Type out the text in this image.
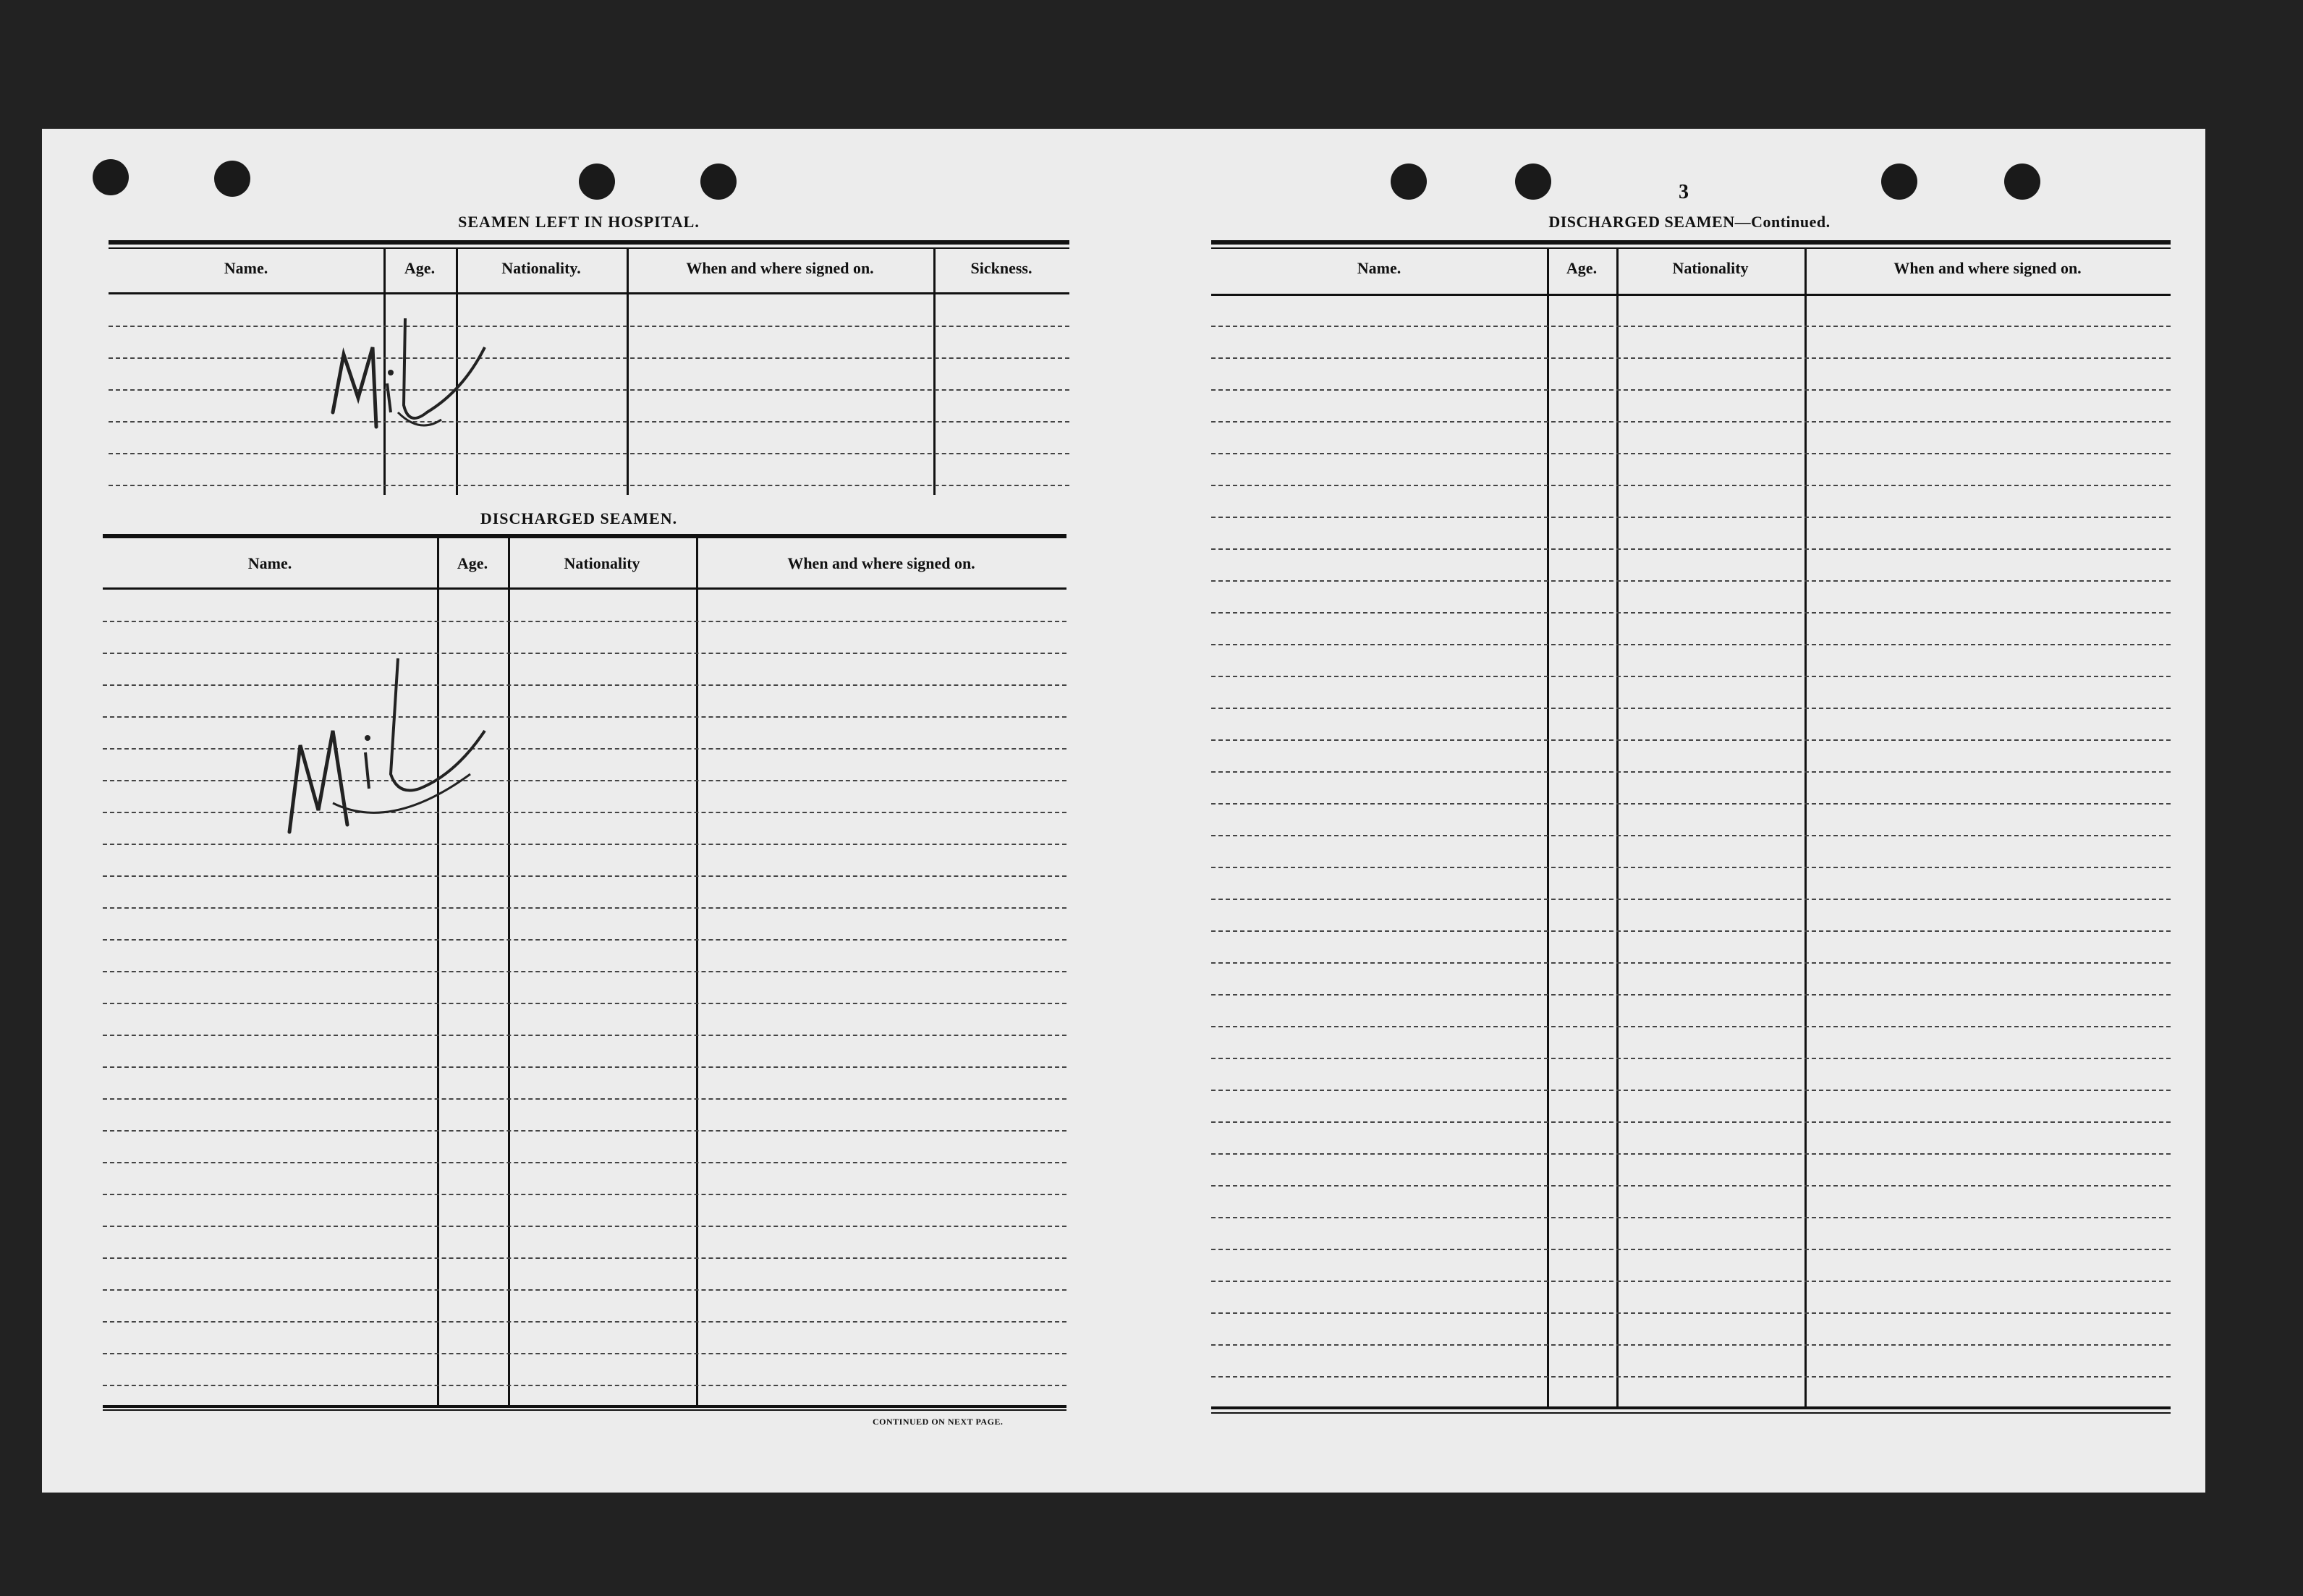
3
SEAMEN LEFT IN HOSPITAL.
Name.	Age.	Nationality.	When and where signed on.	Sickness.
DISCHARGED SEAMEN.
Name.	Age.	Nationality	When and where signed on.
CONTINUED ON NEXT PAGE.
DISCHARGED SEAMEN—Continued.
Name.	Age.	Nationality	When and where signed on.
